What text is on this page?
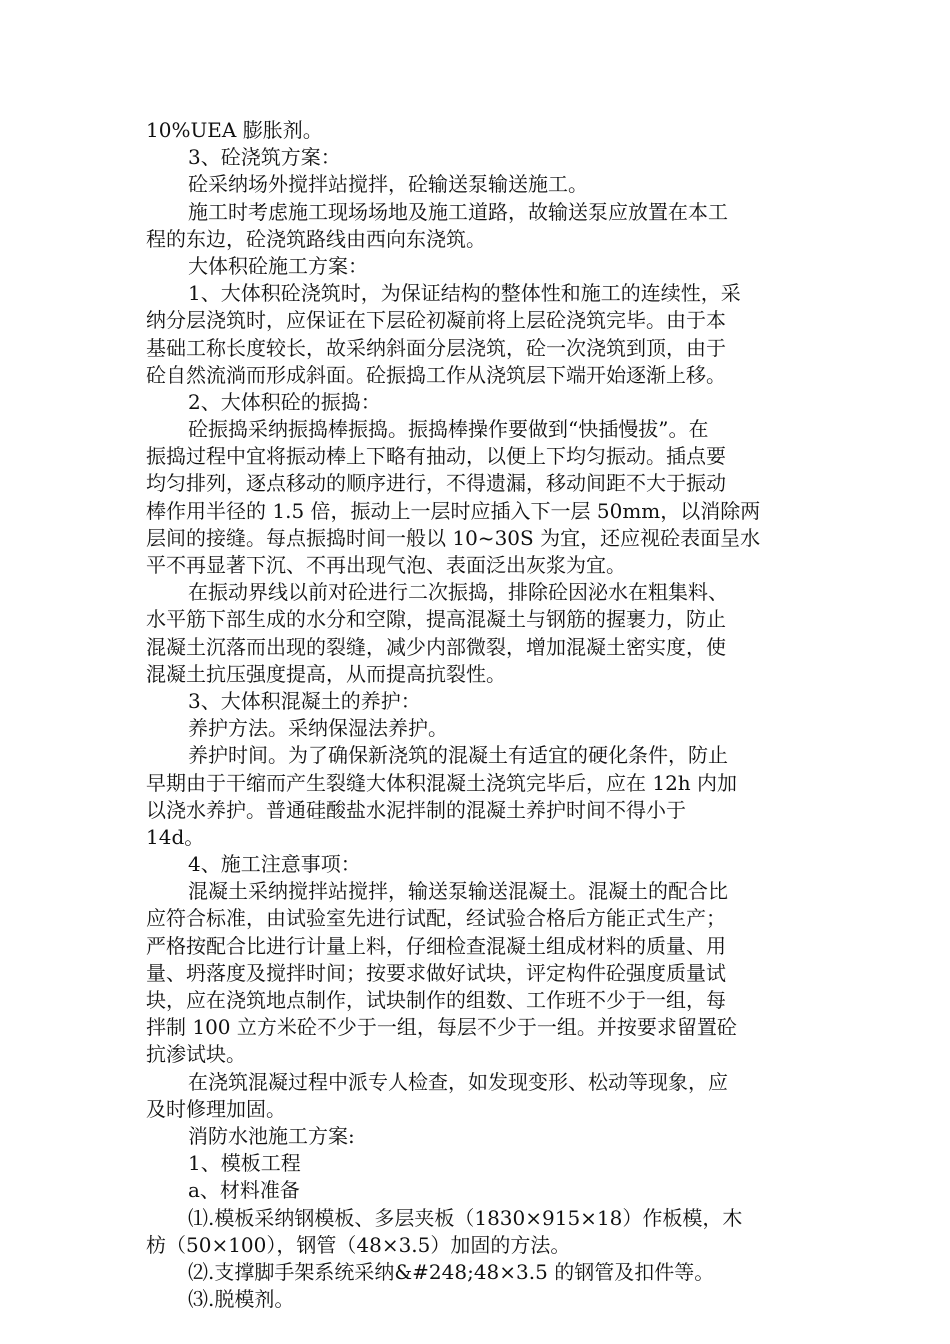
10%UEA 膨胀剂。
3、砼浇筑方案：
砼采纳场外搅拌站搅拌，砼输送泵输送施工。
施工时考虑施工现场场地及施工道路，故输送泵应放置在本工
程的东边，砼浇筑路线由西向东浇筑。
大体积砼施工方案：
1、大体积砼浇筑时，为保证结构的整体性和施工的连续性，采
纳分层浇筑时，应保证在下层砼初凝前将上层砼浇筑完毕。由于本
基础工称长度较长，故采纳斜面分层浇筑，砼一次浇筑到顶，由于
砼自然流淌而形成斜面。砼振捣工作从浇筑层下端开始逐渐上移。
2、大体积砼的振捣：
砼振捣采纳振捣棒振捣。振捣棒操作要做到“快插慢拔”。在
振捣过程中宜将振动棒上下略有抽动，以便上下均匀振动。插点要
均匀排列，逐点移动的顺序进行，不得遗漏，移动间距不大于振动
棒作用半径的 1.5 倍，振动上一层时应插入下一层 50mm，以消除两
层间的接缝。每点振捣时间一般以 10~30S 为宜，还应视砼表面呈水
平不再显著下沉、不再出现气泡、表面泛出灰浆为宜。
在振动界线以前对砼进行二次振捣，排除砼因泌水在粗集料、
水平筋下部生成的水分和空隙，提高混凝土与钢筋的握裹力，防止
混凝土沉落而出现的裂缝，减少内部微裂，增加混凝土密实度，使
混凝土抗压强度提高，从而提高抗裂性。
3、大体积混凝土的养护：
养护方法。采纳保湿法养护。
养护时间。为了确保新浇筑的混凝土有适宜的硬化条件，防止
早期由于干缩而产生裂缝大体积混凝土浇筑完毕后，应在 12h 内加
以浇水养护。普通硅酸盐水泥拌制的混凝土养护时间不得小于
14d。
4、施工注意事项：
混凝土采纳搅拌站搅拌，输送泵输送混凝土。混凝土的配合比
应符合标准，由试验室先进行试配，经试验合格后方能正式生产；
严格按配合比进行计量上料，仔细检查混凝土组成材料的质量、用
量、坍落度及搅拌时间；按要求做好试块，评定构件砼强度质量试
块，应在浇筑地点制作，试块制作的组数、工作班不少于一组，每
拌制 100 立方米砼不少于一组，每层不少于一组。并按要求留置砼
抗渗试块。
在浇筑混凝过程中派专人检查，如发现变形、松动等现象，应
及时修理加固。
消防水池施工方案:
1、模板工程
a、材料准备
⑴.模板采纳钢模板、多层夹板（1830×915×18）作板模，木
枋（50×100），钢管（48×3.5）加固的方法。
⑵.支撑脚手架系统采纳&#248;48×3.5 的钢管及扣件等。
⑶.脱模剂。
